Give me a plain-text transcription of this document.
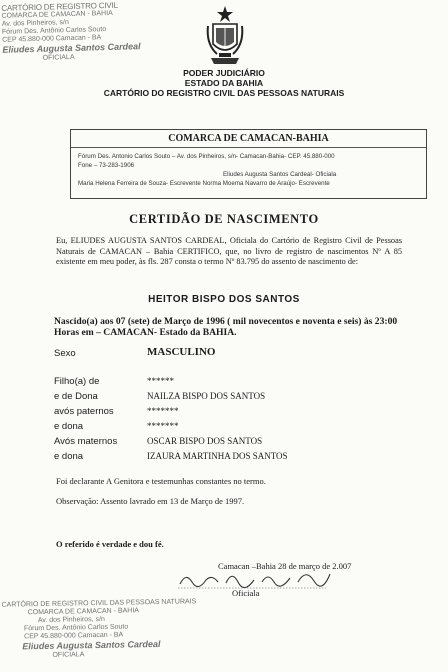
CARTÓRIO DE REGISTRO CIVIL
COMARCA DE CAMACAN - BAHIA
Av. dos Pinheiros, s/n
Fórum Des. Antônio Carlos Souto
CEP 45.880-000 Camacan - BA
Eliudes Augusta Santos Cardeal
OFICIALA
PODER JUDICIÁRIO
ESTADO DA BAHIA
CARTÓRIO DO REGISTRO CIVIL DAS PESSOAS NATURAIS
COMARCA DE CAMACAN-BAHIA
Fórum Des. Antonio Carlos Souto – Av. dos Pinheiros, s/n- Camacan-Bahia- CEP. 45.880-000
Fone – 73-283-1906
Eliudes Augusta Santos Cardeal- Oficiala
Maria Helena Ferreira de Souza- Escrevente Norma Moema Navarro de Araújo- Escrevente
CERTIDÃO DE NASCIMENTO
Eu, ELIUDES AUGUSTA SANTOS CARDEAL, Oficiala do Cartório de Registro Civil de Pessoas Naturais de CAMACAN – Bahia CERTIFICO, que, no livro de registro de nascimentos Nº A 85 existente em meu poder, às fls. 287 consta o termo Nº 83.795 do assento de nascimento de:
HEITOR BISPO DOS SANTOS
Nascido(a) aos 07 (sete) de Março de 1996 ( mil novecentos e noventa e seis) às 23:00 Horas em – CAMACAN- Estado da BAHIA.
Sexo	MASCULINO
Filho(a) de	******
e de Dona	NAILZA BISPO DOS SANTOS
avós paternos	*******
e dona	*******
Avós maternos	OSCAR BISPO DOS SANTOS
e dona	IZAURA MARTINHA DOS SANTOS
Foi declarante A Genitora e testemunhas constantes no termo.
Observação: Assento lavrado em 13 de Março de 1997.
O referido é verdade e dou fé.
Camacan –Bahia 28 de março de 2.007
Oficiala
CARTÓRIO DE REGISTRO CIVIL DAS PESSOAS NATURAIS
COMARCA DE CAMACAN - BAHIA
Av. dos Pinheiros, s/n
Fórum Des. Antônio Carlos Souto
CEP 45.880-000 Camacan - BA
Eliudes Augusta Santos Cardeal
OFICIALA
